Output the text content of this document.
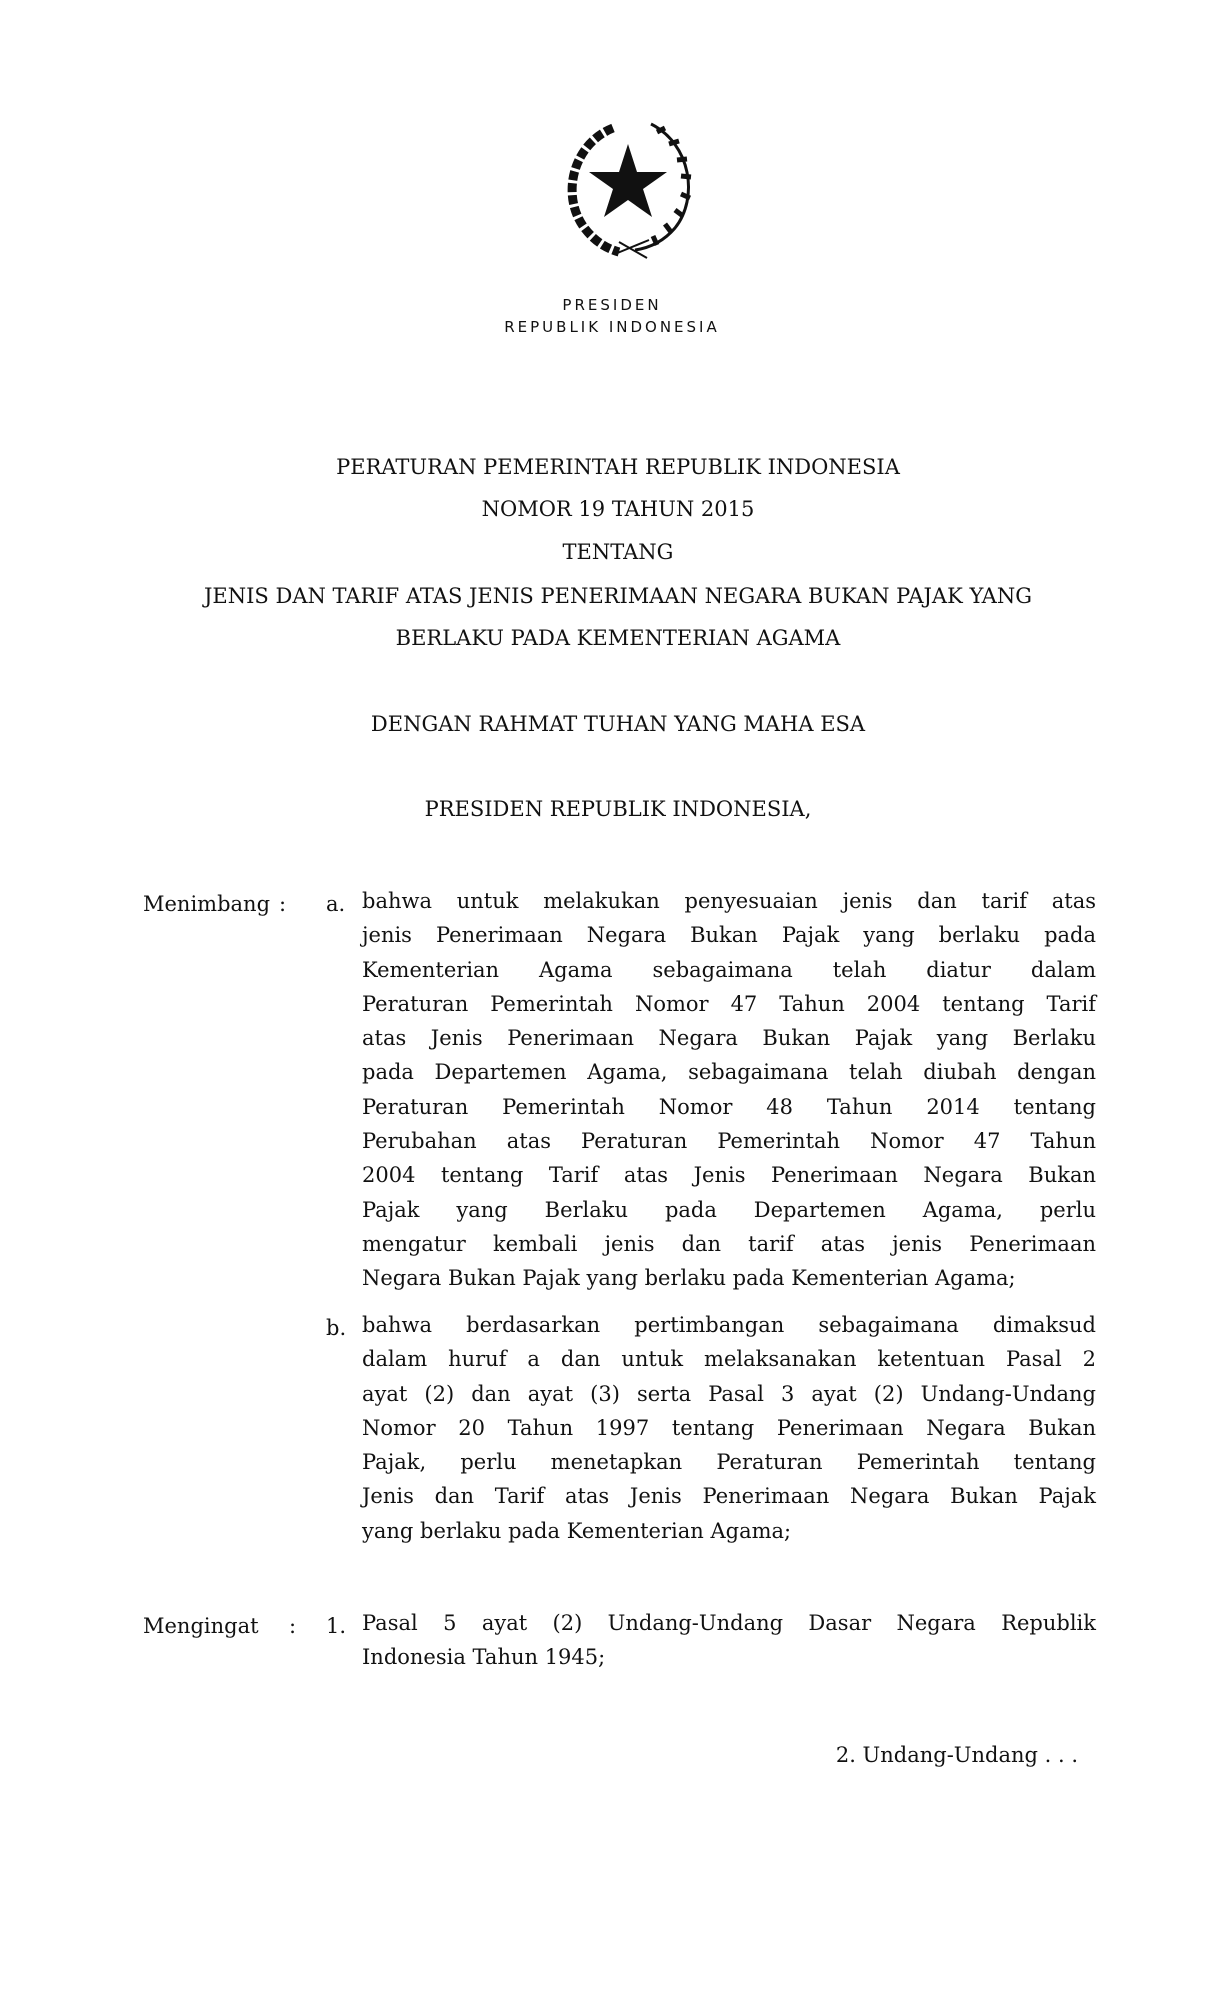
PRESIDEN
REPUBLIK INDONESIA
PERATURAN PEMERINTAH REPUBLIK INDONESIA
NOMOR 19 TAHUN 2015
TENTANG
JENIS DAN TARIF ATAS JENIS PENERIMAAN NEGARA BUKAN PAJAK YANG
BERLAKU PADA KEMENTERIAN AGAMA
DENGAN RAHMAT TUHAN YANG MAHA ESA
PRESIDEN REPUBLIK INDONESIA,
Menimbang : a. bahwa untuk melakukan penyesuaian jenis dan tarif atas
jenis Penerimaan Negara Bukan Pajak yang berlaku pada
Kementerian Agama sebagaimana telah diatur dalam
Peraturan Pemerintah Nomor 47 Tahun 2004 tentang Tarif
atas Jenis Penerimaan Negara Bukan Pajak yang Berlaku
pada Departemen Agama, sebagaimana telah diubah dengan
Peraturan Pemerintah Nomor 48 Tahun 2014 tentang
Perubahan atas Peraturan Pemerintah Nomor 47 Tahun
2004 tentang Tarif atas Jenis Penerimaan Negara Bukan
Pajak yang Berlaku pada Departemen Agama, perlu
mengatur kembali jenis dan tarif atas jenis Penerimaan
Negara Bukan Pajak yang berlaku pada Kementerian Agama;
b. bahwa berdasarkan pertimbangan sebagaimana dimaksud
dalam huruf a dan untuk melaksanakan ketentuan Pasal 2
ayat (2) dan ayat (3) serta Pasal 3 ayat (2) Undang-Undang
Nomor 20 Tahun 1997 tentang Penerimaan Negara Bukan
Pajak, perlu menetapkan Peraturan Pemerintah tentang
Jenis dan Tarif atas Jenis Penerimaan Negara Bukan Pajak
yang berlaku pada Kementerian Agama;
Mengingat : 1. Pasal 5 ayat (2) Undang-Undang Dasar Negara Republik
Indonesia Tahun 1945;
2. Undang-Undang . . .
